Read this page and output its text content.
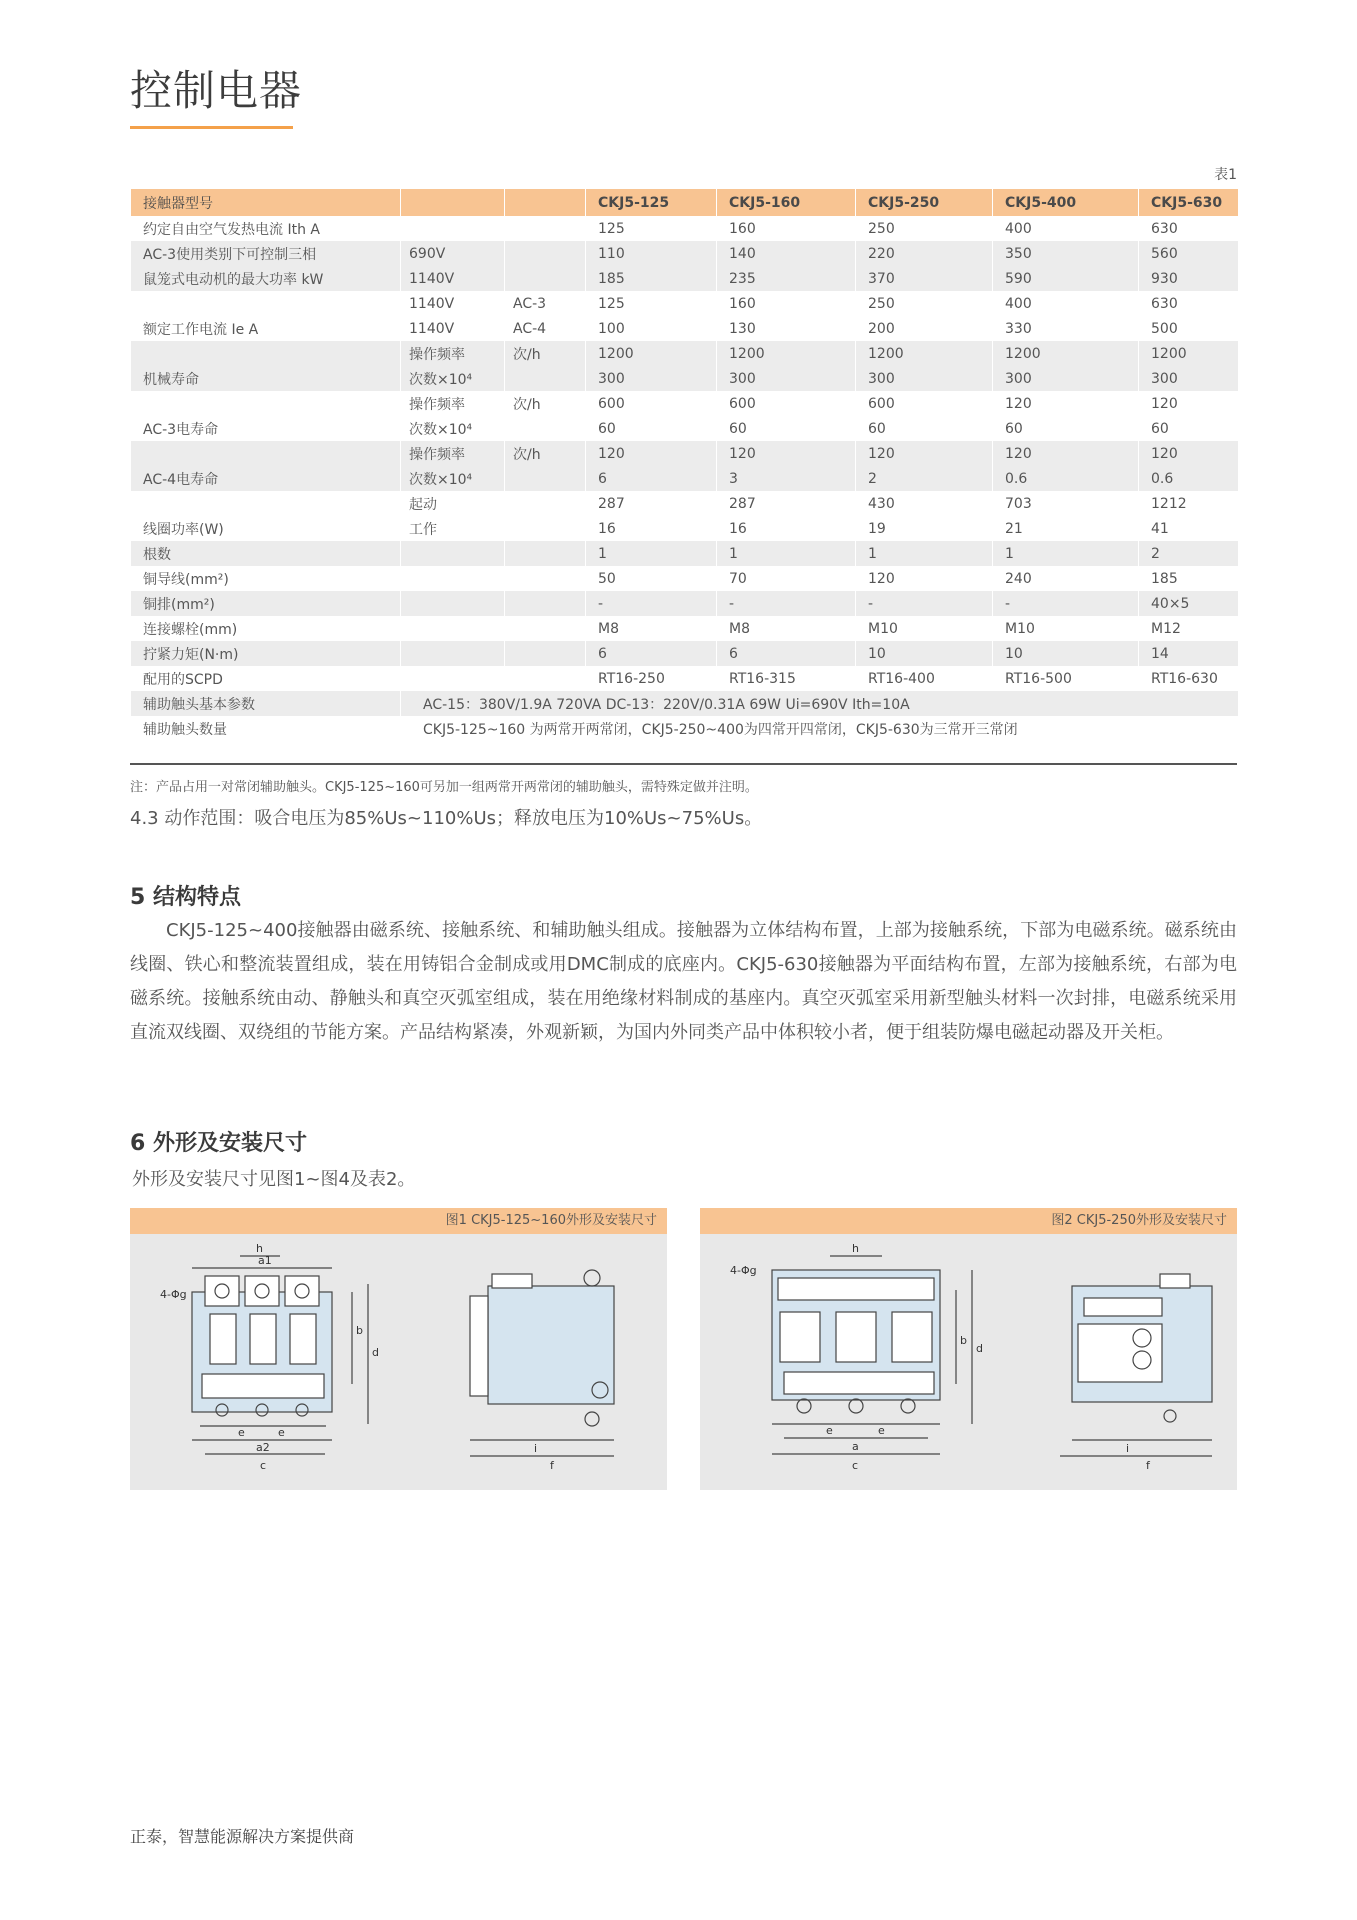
控制电器
表1
接触器型号			CKJ5-125	CKJ5-160	CKJ5-250	CKJ5-400	CKJ5-630
约定自由空气发热电流 Ith A			125	160	250	400	630
AC-3使用类别下可控制三相	690V		110	140	220	350	560
鼠笼式电动机的最大功率 kW	1140V		185	235	370	590	930
	1140V	AC-3	125	160	250	400	630
额定工作电流 Ie A	1140V	AC-4	100	130	200	330	500
	操作频率	次/h	1200	1200	1200	1200	1200
机械寿命	次数×10⁴		300	300	300	300	300
	操作频率	次/h	600	600	600	120	120
AC-3电寿命	次数×10⁴		60	60	60	60	60
	操作频率	次/h	120	120	120	120	120
AC-4电寿命	次数×10⁴		6	3	2	0.6	0.6
	起动		287	287	430	703	1212
线圈功率(W)	工作		16	16	19	21	41
根数			1	1	1	1	2
铜导线(mm²)			50	70	120	240	185
铜排(mm²)			-	-	-	-	40×5
连接螺栓(mm)			M8	M8	M10	M10	M12
拧紧力矩(N·m)			6	6	10	10	14
配用的SCPD			RT16-250	RT16-315	RT16-400	RT16-500	RT16-630
辅助触头基本参数	AC-15：380V/1.9A 720VA DC-13：220V/0.31A 69W Ui=690V Ith=10A						
辅助触头数量	CKJ5-125~160 为两常开两常闭，CKJ5-250~400为四常开四常闭，CKJ5-630为三常开三常闭						
注：产品占用一对常闭辅助触头。CKJ5-125~160可另加一组两常开两常闭的辅助触头，需特殊定做并注明。
4.3 动作范围：吸合电压为85%Us~110%Us；释放电压为10%Us~75%Us。
5 结构特点
CKJ5-125~400接触器由磁系统、接触系统、和辅助触头组成。接触器为立体结构布置，上部为接触系统，下部为电磁系统。磁系统由线圈、铁心和整流装置组成，装在用铸铝合金制成或用DMC制成的底座内。CKJ5-630接触器为平面结构布置，左部为接触系统，右部为电磁系统。接触系统由动、静触头和真空灭弧室组成，装在用绝缘材料制成的基座内。真空灭弧室采用新型触头材料一次封排，电磁系统采用直流双线圈、双绕组的节能方案。产品结构紧凑，外观新颖，为国内外同类产品中体积较小者，便于组装防爆电磁起动器及开关柜。
6 外形及安装尺寸
外形及安装尺寸见图1~图4及表2。
图1 CKJ5-125~160外形及安装尺寸
a1
h
4-Φg
b
d
e	e
a2
c
i
f
图2 CKJ5-250外形及安装尺寸
h
4-Φg
b
d
e	e
a
c
i
f
正泰，智慧能源解决方案提供商
